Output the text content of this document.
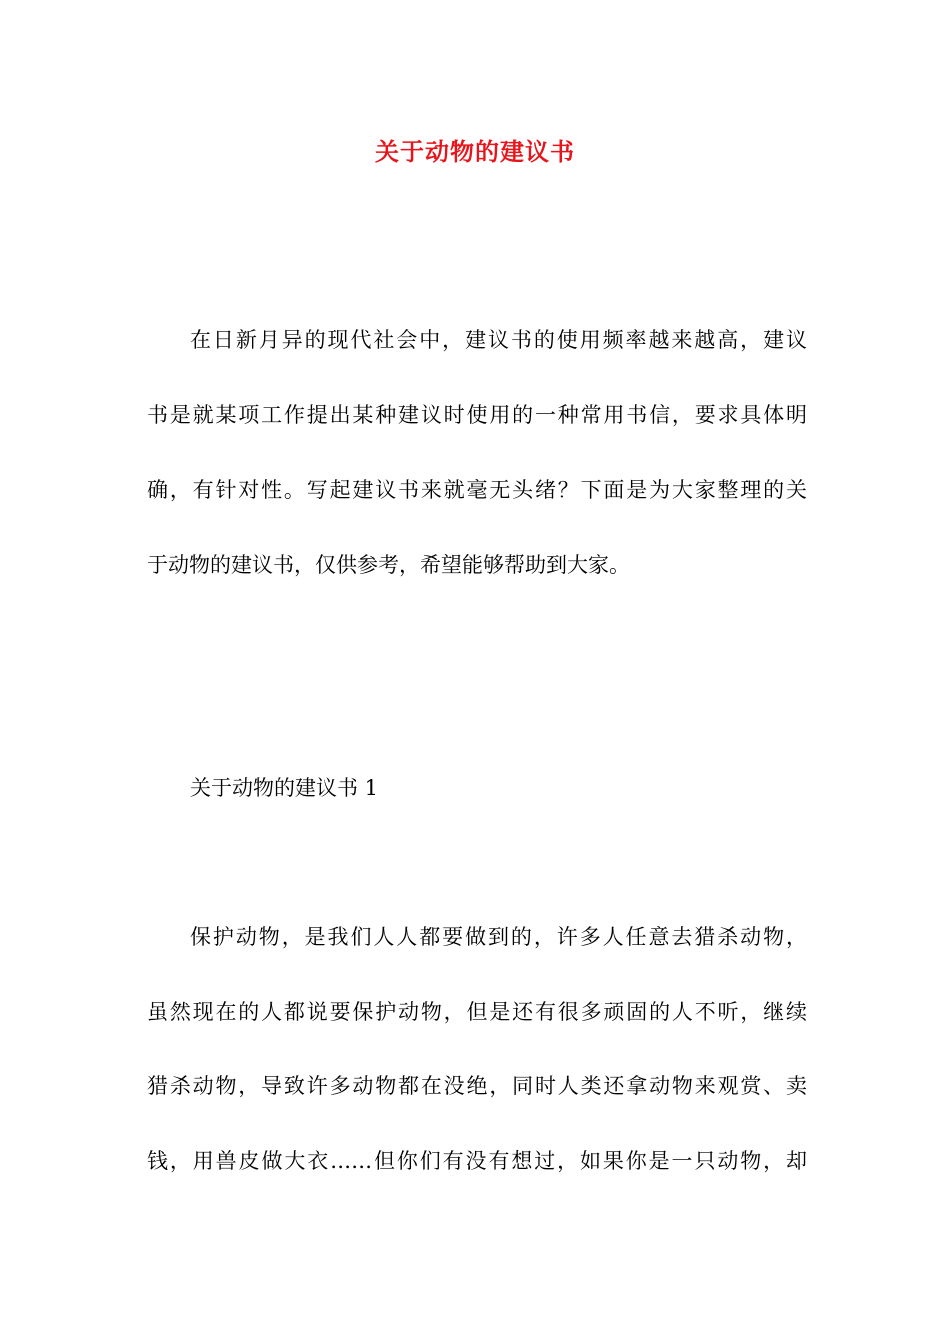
关于动物的建议书
在日新月异的现代社会中，建议书的使用频率越来越高，建议
书是就某项工作提出某种建议时使用的一种常用书信，要求具体明
确，有针对性。写起建议书来就毫无头绪？下面是为大家整理的关
于动物的建议书，仅供参考，希望能够帮助到大家。
关于动物的建议书 1
保护动物，是我们人人都要做到的，许多人任意去猎杀动物，
虽然现在的人都说要保护动物，但是还有很多顽固的人不听，继续
猎杀动物，导致许多动物都在没绝，同时人类还拿动物来观赏、卖
钱，用兽皮做大衣……但你们有没有想过，如果你是一只动物，却
